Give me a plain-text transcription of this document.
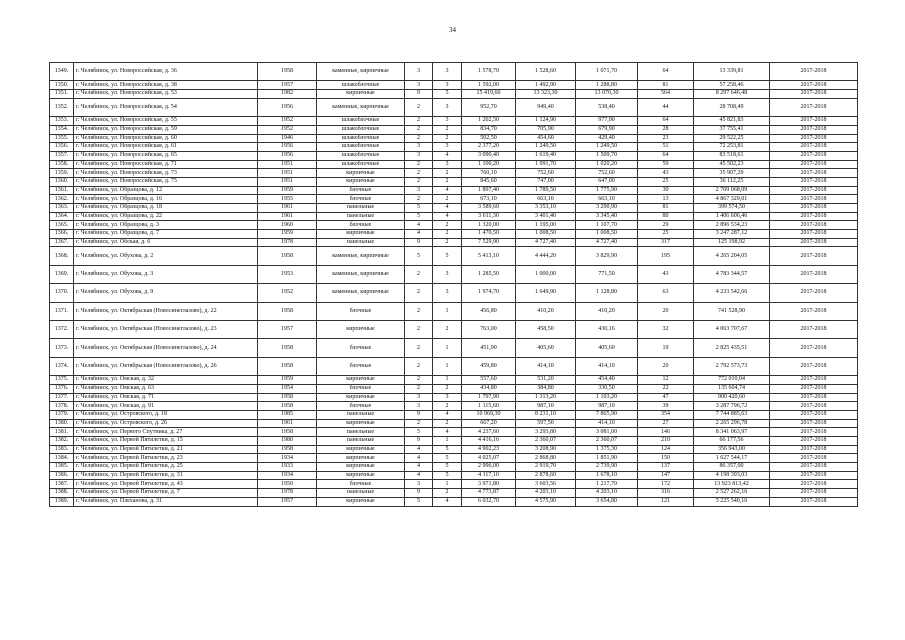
34
1349.	г. Челябинск, ул. Новороссийская, д. 36	1958	каменные, кирпичные	3	3	1 578,70	1 528,60	1 071,70	64	13 339,81	2017-2018
1350.	г. Челябинск, ул. Новороссийская, д. 38	1957	шлакоблочные	3	3	1 592,00	1 492,90	1 288,80	81	57 258,46	2017-2018
1351.	г. Челябинск, ул. Новороссийская, д. 53	1982	кирпичные	9	5	15 419,60	13 323,30	13 070,30	564	8 297 646,48	2017-2018
1352.	г. Челябинск, ул. Новороссийская, д. 54	1956	каменные, кирпичные	2	3	952,70	949,40	538,40	44	28 708,49	2017-2018
1353.	г. Челябинск, ул. Новороссийская, д. 55	1952	шлакоблочные	2	3	1 202,50	1 124,90	977,90	64	45 821,83	2017-2018
1354.	г. Челябинск, ул. Новороссийская, д. 59	1952	шлакоблочные	2	2	834,70	705,90	679,90	28	37 755,41	2017-2018
1355.	г. Челябинск, ул. Новороссийская, д. 60	1946	шлакоблочные	2	2	502,50	454,60	429,40	23	29 522,25	2017-2018
1356.	г. Челябинск, ул. Новороссийская, д. 61	1956	шлакоблочные	3	3	2 377,20	1 249,50	1 249,50	51	72 253,81	2017-2018
1357.	г. Челябинск, ул. Новороссийская, д. 65	1956	шлакоблочные	3	4	3 090,40	1 619,40	1 509,70	64	83 518,61	2017-2018
1358.	г. Челябинск, ул. Новороссийская, д. 71	1951	шлакоблочные	2	3	1 100,20	1 091,70	1 020,20	59	45 502,23	2017-2018
1359.	г. Челябинск, ул. Новороссийская, д. 73	1951	кирпичные	2	2	760,10	752,60	752,60	43	35 907,29	2017-2018
1360.	г. Челябинск, ул. Новороссийская, д. 75	1951	кирпичные	2	2	845,60	747,00	647,00	25	36 112,25	2017-2018
1361.	г. Челябинск, ул. Образцова, д. 12	1959	блочные	3	4	1 897,40	1 789,50	1 775,90	30	2 709 068,09	2017-2018
1362.	г. Челябинск, ул. Образцова, д. 16	1955	блочные	2	2	673,10	663,10	663,10	13	4 867 329,01	2017-2018
1363.	г. Челябинск, ул. Образцова, д. 18	1961	панельные	5	4	3 589,60	3 353,10	3 290,90	81	399 574,50	2017-2018
1364.	г. Челябинск, ул. Образцова, д. 22	1961	панельные	5	4	3 611,30	3 401,40	3 345,40	80	1 406 606,46	2017-2018
1365.	г. Челябинск, ул. Образцова, д. 3	1960	блочные	4	2	1 320,00	1 195,00	1 107,70	29	2 896 534,23	2017-2018
1366.	г. Челябинск, ул. Образцова, д. 7	1959	кирпичные	4	2	1 470,50	1 008,50	1 008,50	25	3 247 287,12	2017-2018
1367.	г. Челябинск, ул. Обская, д. 6	1978	панельные	9	2	7 529,90	4 727,40	4 727,40	317	125 198,92	2017-2018
1368.	г. Челябинск, ул. Обухова, д. 2	1958	каменные, кирпичные	5	5	5 413,10	4 444,20	3 829,90	195	4 265 204,05	2017-2018
1369.	г. Челябинск, ул. Обухова, д. 3	1953	каменные, кирпичные	2	3	1 285,50	1 000,00	771,50	43	4 783 344,57	2017-2018
1370.	г. Челябинск, ул. Обухова, д. 9	1952	каменные, кирпичные	2	3	1 974,70	1 649,90	1 128,80	63	4 233 542,66	2017-2018
1371.	г. Челябинск, ул. Октябрьская (Новосинеглазово), д. 22	1958	блочные	2	1	456,80	410,20	410,20	20	741 528,90	2017-2018
1372.	г. Челябинск, ул. Октябрьская (Новосинеглазово), д. 23	1957	кирпичные	2	2	763,00	458,50	430,16	32	4 063 707,67	2017-2018
1373.	г. Челябинск, ул. Октябрьская (Новосинеглазово), д. 24	1958	блочные	2	1	451,90	405,60	405,60	19	2 825 435,51	2017-2018
1374.	г. Челябинск, ул. Октябрьская (Новосинеглазово), д. 26	1958	блочные	2	1	459,80	414,10	414,10	20	2 792 573,73	2017-2018
1375.	г. Челябинск, ул. Омская, д. 32	1959	кирпичные	2	1	557,60	531,20	454,40	12	772 010,04	2017-2018
1376.	г. Челябинск, ул. Омская, д. 63	1954	блочные	2	2	434,80	384,80	330,50	22	135 604,74	2017-2018
1377.	г. Челябинск, ул. Омская, д. 71	1958	кирпичные	3	3	1 797,90	1 313,20	1 103,20	47	900 420,60	2017-2018
1378.	г. Челябинск, ул. Омская, д. 91	1958	блочные	3	2	1 115,60	987,10	987,10	39	3 287 796,72	2017-2018
1379.	г. Челябинск, ул. Островского, д. 18	1985	панельные	9	4	10 969,30	8 231,10	7 865,90	354	7 744 885,63	2017-2018
1380.	г. Челябинск, ул. Островского, д. 26	1961	кирпичные	2	2	667,20	597,50	414,10	27	2 265 296,78	2017-2018
1381.	г. Челябинск, ул. Первого Спутника, д. 27	1958	панельные	5	4	4 237,60	3 293,80	3 081,00	146	8 341 063,97	2017-2018
1382.	г. Челябинск, ул. Первой Пятилетки, д. 15	1980	панельные	9	1	4 416,16	2 360,07	2 360,07	210	66 177,56	2017-2018
1383.	г. Челябинск, ул. Первой Пятилетки, д. 21	1958	кирпичные	4	5	4 902,23	3 208,90	1 375,30	124	356 943,00	2017-2018
1384.	г. Челябинск, ул. Первой Пятилетки, д. 23	1934	кирпичные	4	5	4 025,07	2 868,80	1 851,90	150	1 627 544,17	2017-2018
1385.	г. Челябинск, ул. Первой Пятилетки, д. 25	1933	кирпичные	4	5	2 996,00	2 919,70	2 739,90	137	86 357,00	2017-2018
1386.	г. Челябинск, ул. Первой Пятилетки, д. 31	1934	кирпичные	4	5	4 117,10	2 878,60	1 678,10	147	4 198 393,03	2017-2018
1387.	г. Челябинск, ул. Первой Пятилетки, д. 43	1950	блочные	3	1	3 971,80	3 603,56	1 217,70	172	13 923 813,42	2017-2018
1388.	г. Челябинск, ул. Первой Пятилетки, д. 7	1978	панельные	9	2	4 773,87	4 203,10	4 203,10	316	2 527 262,16	2017-2018
1389.	г. Челябинск, ул. Плеханова, д. 31	1957	кирпичные	5	4	6 032,70	4 575,90	3 654,80	121	5 225 540,16	2017-2018
